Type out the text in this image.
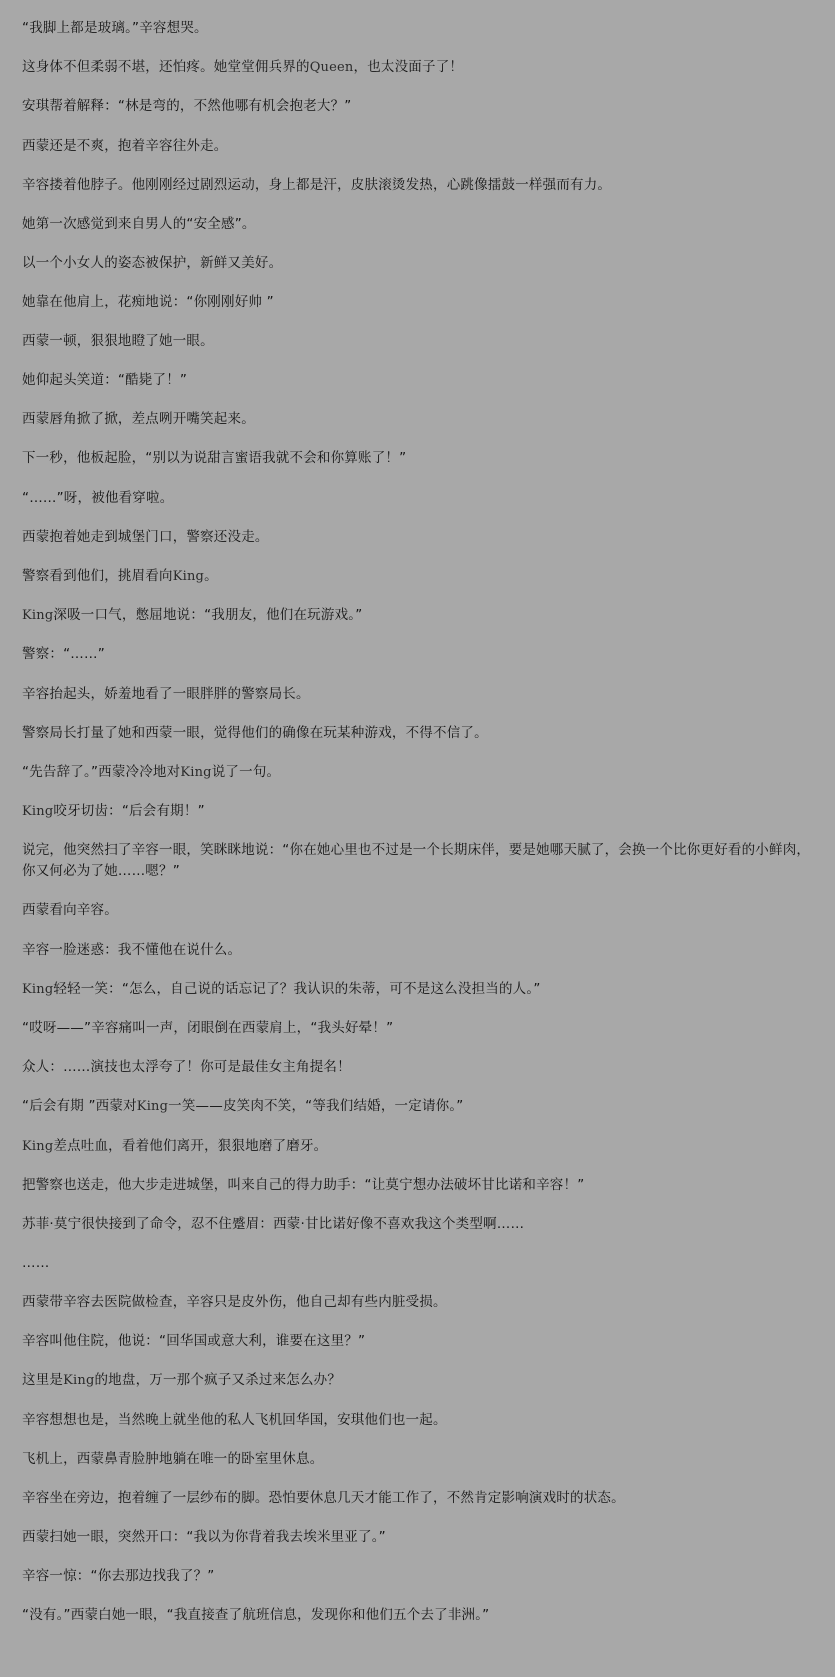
“我脚上都是玻璃。”辛容想哭。

这身体不但柔弱不堪，还怕疼。她堂堂佣兵界的Queen，也太没面子了！

安琪帮着解释：“林是弯的，不然他哪有机会抱老大？”

西蒙还是不爽，抱着辛容往外走。

辛容搂着他脖子。他刚刚经过剧烈运动，身上都是汗，皮肤滚烫发热，心跳像擂鼓一样强而有力。

她第一次感觉到来自男人的“安全感”。

以一个小女人的姿态被保护，新鲜又美好。

她靠在他肩上，花痴地说：“你刚刚好帅 ”

西蒙一顿，狠狠地瞪了她一眼。

她仰起头笑道：“酷毙了！”

西蒙唇角掀了掀，差点咧开嘴笑起来。

下一秒，他板起脸，“别以为说甜言蜜语我就不会和你算账了！”

“……”呀，被他看穿啦。

西蒙抱着她走到城堡门口，警察还没走。

警察看到他们，挑眉看向King。

King深吸一口气，憋屈地说：“我朋友，他们在玩游戏。”

警察：“……”

辛容抬起头，娇羞地看了一眼胖胖的警察局长。

警察局长打量了她和西蒙一眼，觉得他们的确像在玩某种游戏，不得不信了。

“先告辞了。”西蒙冷冷地对King说了一句。

King咬牙切齿：“后会有期！”

说完，他突然扫了辛容一眼，笑眯眯地说：“你在她心里也不过是一个长期床伴，要是她哪天腻了，会换一个比你更好看的小鲜肉，你又何必为了她……嗯？”

西蒙看向辛容。

辛容一脸迷惑：我不懂他在说什么。

King轻轻一笑：“怎么，自己说的话忘记了？我认识的朱蒂，可不是这么没担当的人。”

“哎呀——”辛容痛叫一声，闭眼倒在西蒙肩上，“我头好晕！”

众人：……演技也太浮夸了！你可是最佳女主角提名！

“后会有期 ”西蒙对King一笑——皮笑肉不笑，“等我们结婚，一定请你。”

King差点吐血，看着他们离开，狠狠地磨了磨牙。

把警察也送走，他大步走进城堡，叫来自己的得力助手：“让莫宁想办法破坏甘比诺和辛容！”

苏菲·莫宁很快接到了命令，忍不住蹙眉：西蒙·甘比诺好像不喜欢我这个类型啊……

……

西蒙带辛容去医院做检查，辛容只是皮外伤，他自己却有些内脏受损。

辛容叫他住院，他说：“回华国或意大利，谁要在这里？”

这里是King的地盘，万一那个疯子又杀过来怎么办？

辛容想想也是，当然晚上就坐他的私人飞机回华国，安琪他们也一起。

飞机上，西蒙鼻青脸肿地躺在唯一的卧室里休息。

辛容坐在旁边，抱着缠了一层纱布的脚。恐怕要休息几天才能工作了，不然肯定影响演戏时的状态。

西蒙扫她一眼，突然开口：“我以为你背着我去埃米里亚了。”

辛容一惊：“你去那边找我了？”

“没有。”西蒙白她一眼，“我直接查了航班信息，发现你和他们五个去了非洲。”
